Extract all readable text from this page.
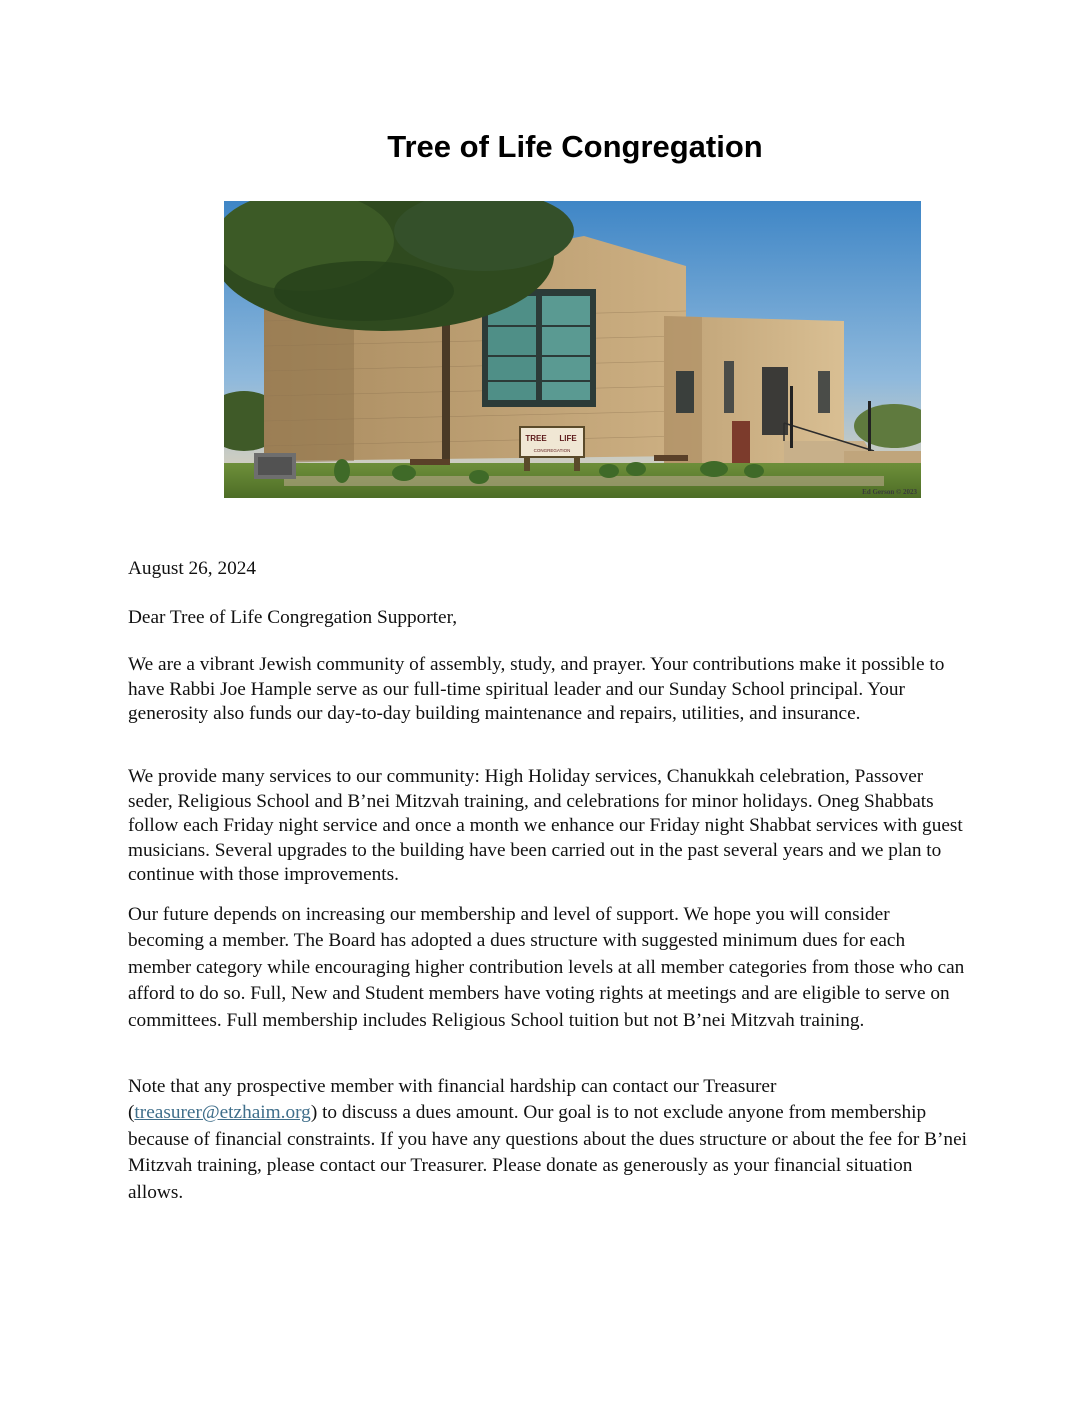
Tree of Life Congregation
TREE LIFE
CONGREGATION
Ed Gerson © 2023
August 26, 2024
Dear Tree of Life Congregation Supporter,

We are a vibrant Jewish community of assembly, study, and prayer. Your contributions make it possible to have Rabbi Joe Hample serve as our full-time spiritual leader and our Sunday School principal. Your generosity also funds our day-to-day building maintenance and repairs, utilities, and insurance.

We provide many services to our community: High Holiday services, Chanukkah celebration, Passover seder, Religious School and B’nei Mitzvah training, and celebrations for minor holidays. Oneg Shabbats follow each Friday night service and once a month we enhance our Friday night Shabbat services with guest musicians. Several upgrades to the building have been carried out in the past several years and we plan to continue with those improvements.

Our future depends on increasing our membership and level of support. We hope you will consider becoming a member. The Board has adopted a dues structure with suggested minimum dues for each member category while encouraging higher contribution levels at all member categories from those who can afford to do so. Full, New and Student members have voting rights at meetings and are eligible to serve on committees. Full membership includes Religious School tuition but not B’nei Mitzvah training.

Note that any prospective member with financial hardship can contact our Treasurer (treasurer@etzhaim.org) to discuss a dues amount. Our goal is to not exclude anyone from membership because of financial constraints. If you have any questions about the dues structure or about the fee for B’nei Mitzvah training, please contact our Treasurer. Please donate as generously as your financial situation allows.
